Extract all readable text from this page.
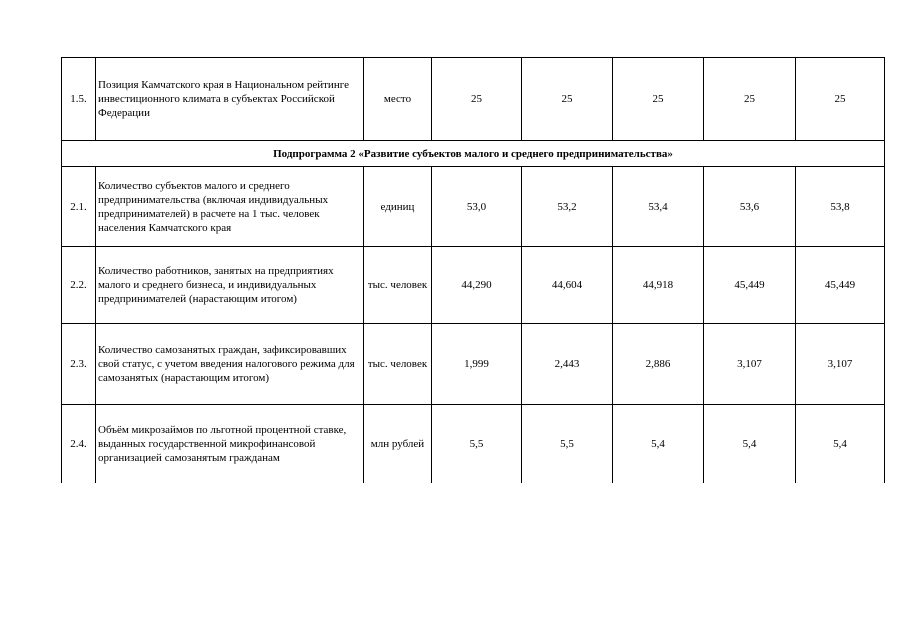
1.5.	Позиция Камчатского края в Национальном рейтинге инвестиционного климата в субъектах Российской Федерации	место	25	25	25	25	25
Подпрограмма 2 «Развитие субъектов малого и среднего предпринимательства»							
2.1.	Количество субъектов малого и среднего предпринимательства (включая индивидуальных предпринимателей) в расчете на 1 тыс. человек населения Камчатского края	единиц	53,0	53,2	53,4	53,6	53,8
2.2.	Количество работников, занятых на предприятиях малого и среднего бизнеса, и индивидуальных предпринимателей (нарастающим итогом)	тыс. человек	44,290	44,604	44,918	45,449	45,449
2.3.	Количество самозанятых граждан, зафиксировавших свой статус, с учетом введения налогового режима для самозанятых (нарастающим итогом)	тыс. человек	1,999	2,443	2,886	3,107	3,107
2.4.	Объём микрозаймов по льготной процентной ставке, выданных государственной микрофинансовой организацией самозанятым гражданам	млн рублей	5,5	5,5	5,4	5,4	5,4
